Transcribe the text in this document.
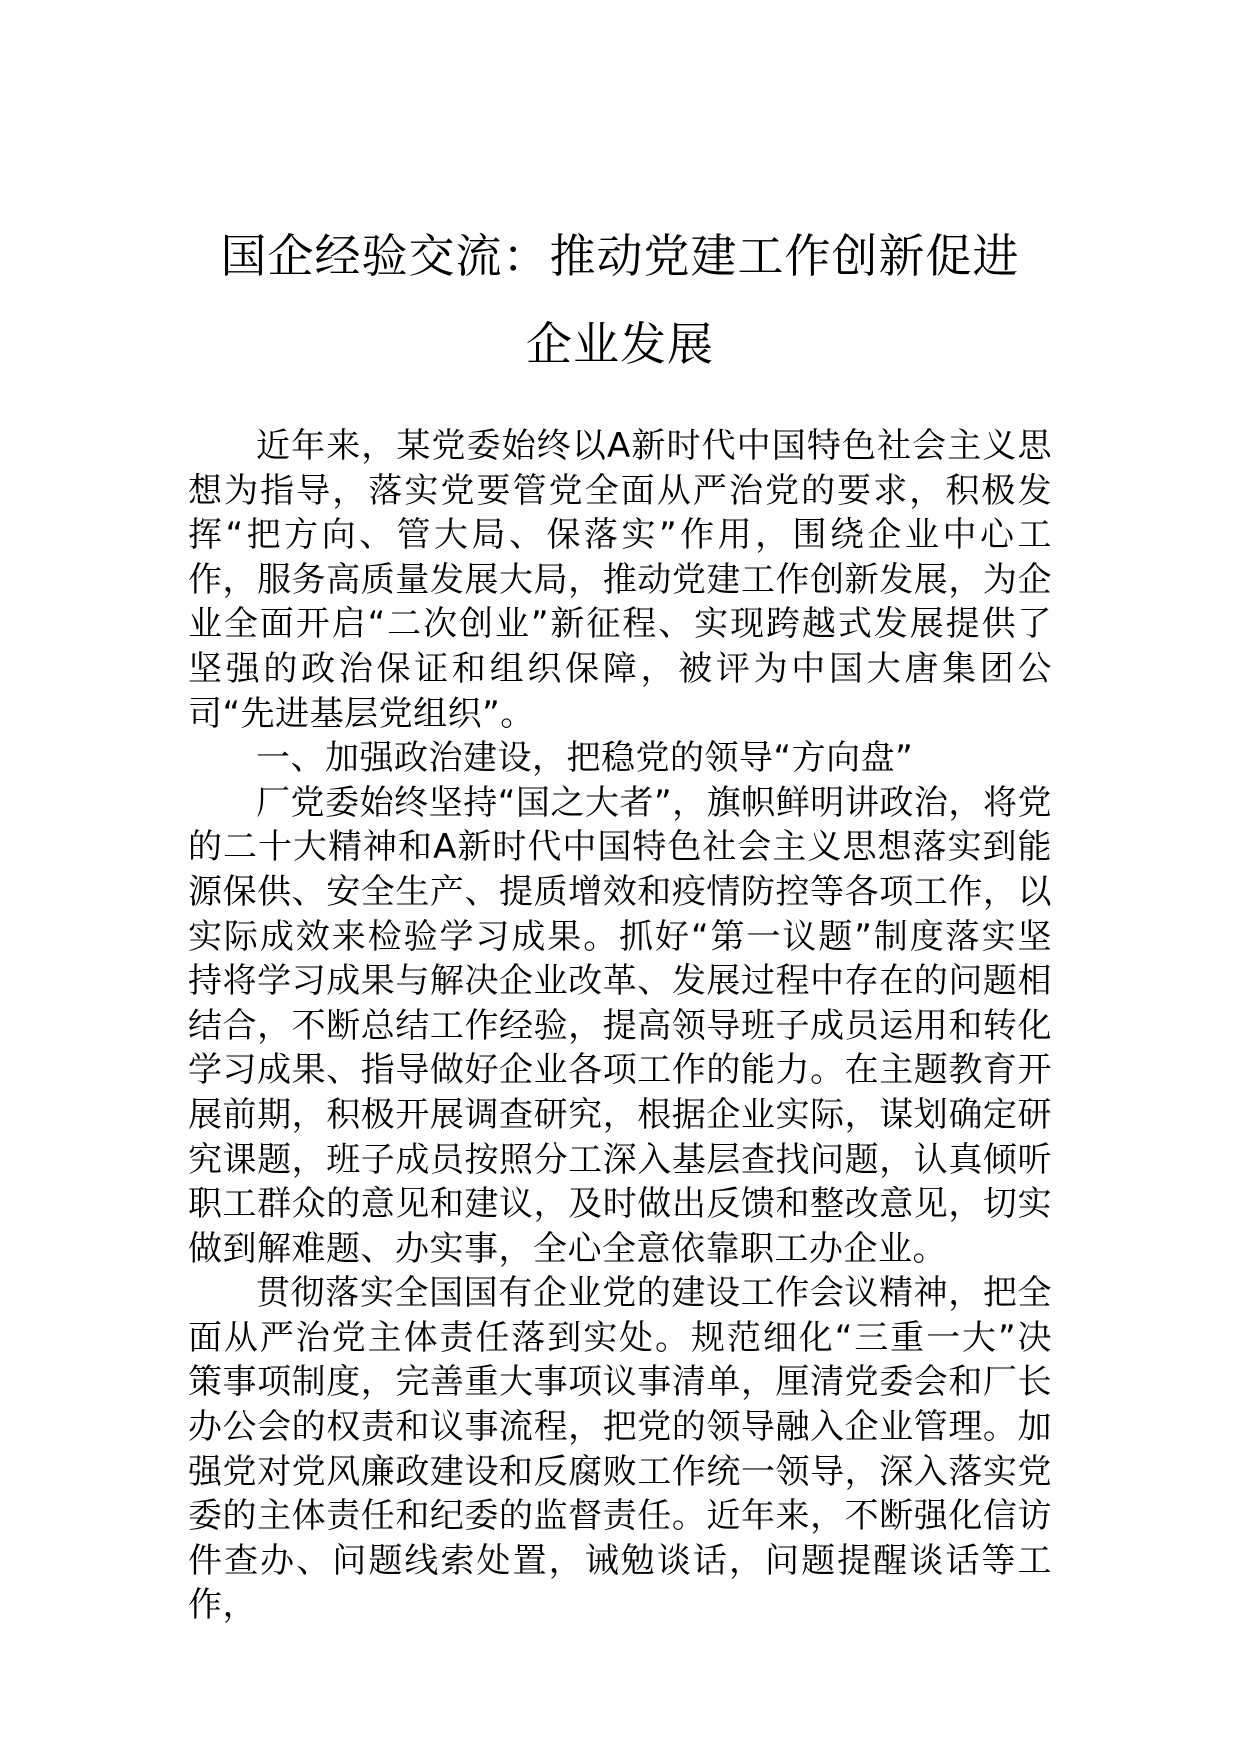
国企经验交流：推动党建工作创新促进企业发展

近年来，某党委始终以A新时代中国特色社会主义思想为指导，落实党要管党全面从严治党的要求，积极发挥“把方向、管大局、保落实”作用，围绕企业中心工作，服务高质量发展大局，推动党建工作创新发展，为企业全面开启“二次创业”新征程、实现跨越式发展提供了坚强的政治保证和组织保障，被评为中国大唐集团公司“先进基层党组织”。

一、加强政治建设，把稳党的领导“方向盘”

厂党委始终坚持“国之大者”，旗帜鲜明讲政治，将党的二十大精神和A新时代中国特色社会主义思想落实到能源保供、安全生产、提质增效和疫情防控等各项工作，以实际成效来检验学习成果。抓好“第一议题”制度落实坚持将学习成果与解决企业改革、发展过程中存在的问题相结合，不断总结工作经验，提高领导班子成员运用和转化学习成果、指导做好企业各项工作的能力。在主题教育开展前期，积极开展调查研究，根据企业实际，谋划确定研究课题，班子成员按照分工深入基层查找问题，认真倾听职工群众的意见和建议，及时做出反馈和整改意见，切实做到解难题、办实事，全心全意依靠职工办企业。

贯彻落实全国国有企业党的建设工作会议精神，把全面从严治党主体责任落到实处。规范细化“三重一大”决策事项制度，完善重大事项议事清单，厘清党委会和厂长办公会的权责和议事流程，把党的领导融入企业管理。加强党对党风廉政建设和反腐败工作统一领导，深入落实党委的主体责任和纪委的监督责任。近年来，不断强化信访件查办、问题线索处置，诫勉谈话，问题提醒谈话等工作，
